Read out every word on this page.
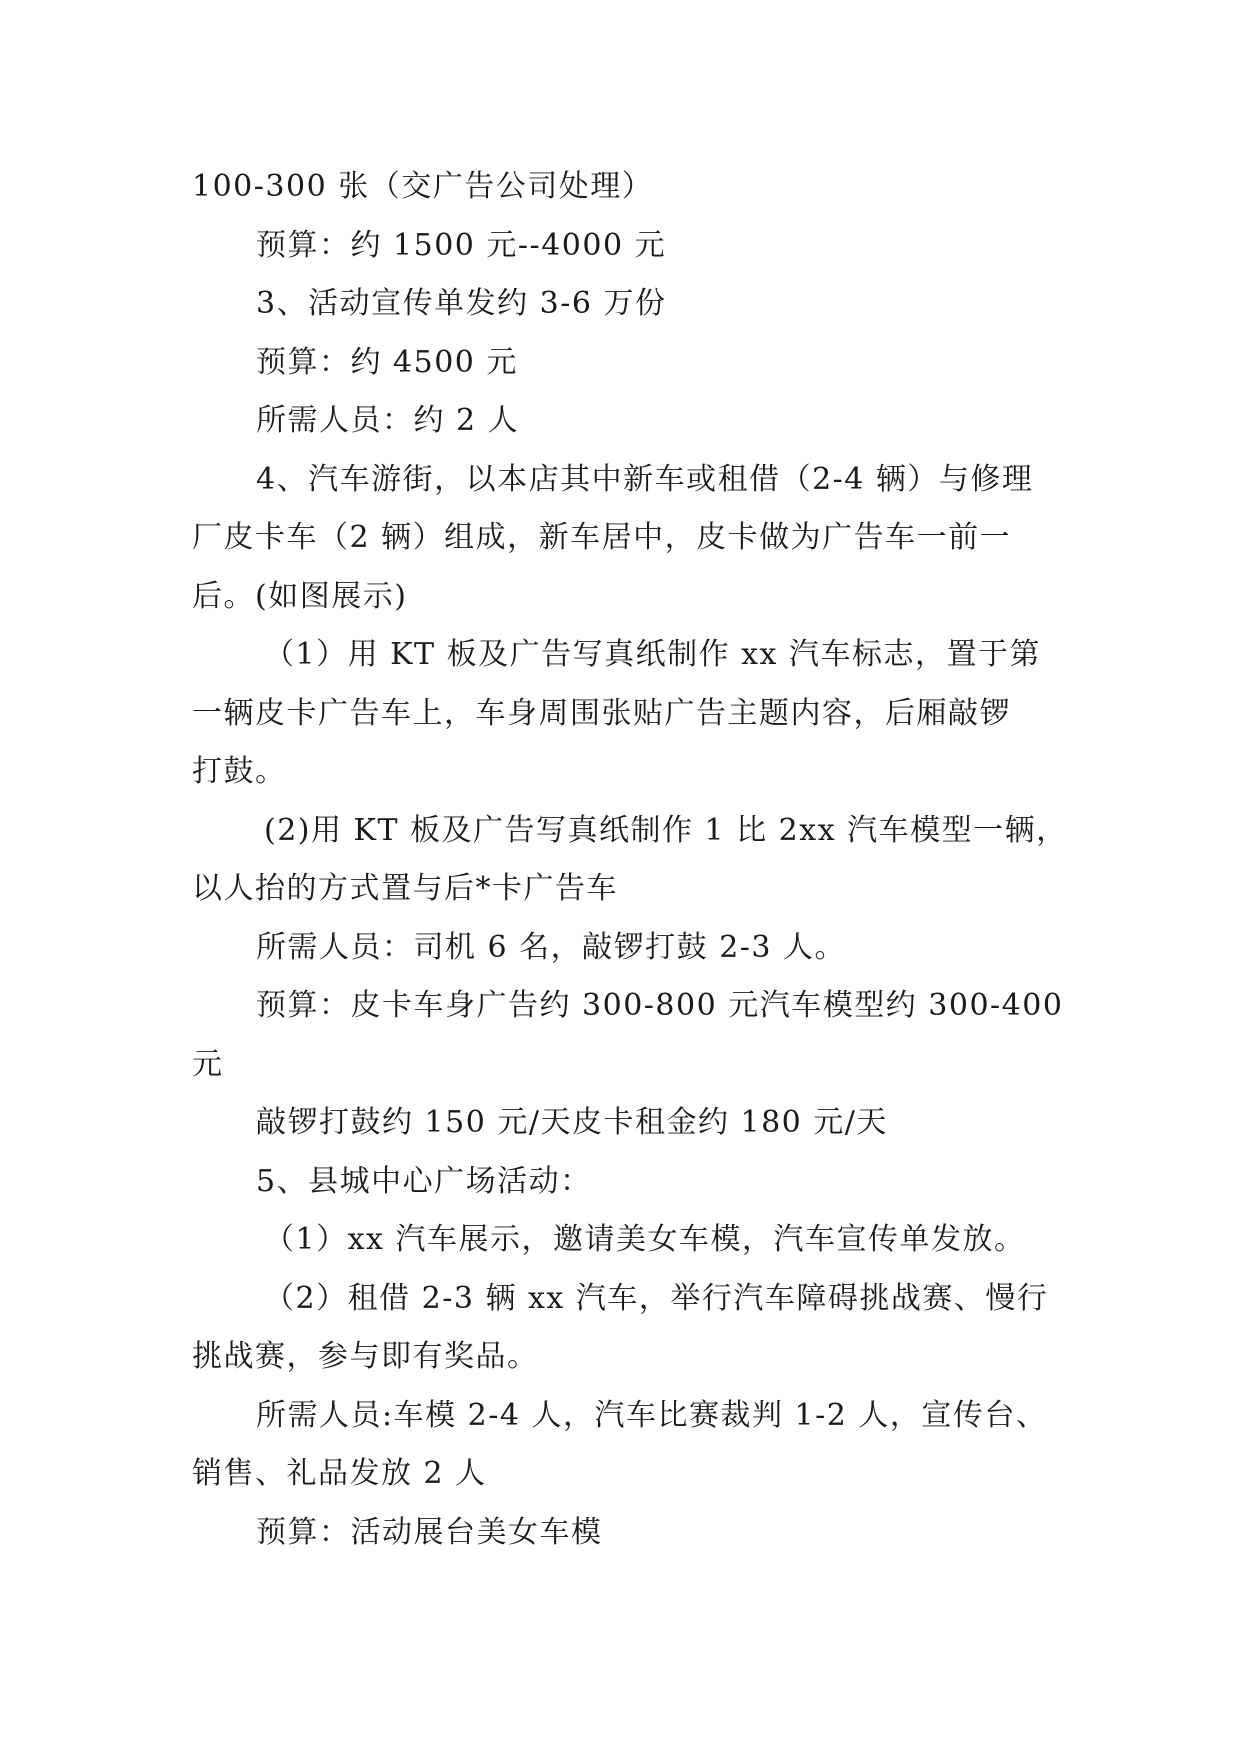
100-300 张（交广告公司处理）
预算：约 1500 元--4000 元
3、活动宣传单发约 3-6 万份
预算：约 4500 元
所需人员：约 2 人
4、汽车游街，以本店其中新车或租借（2-4 辆）与修理
厂皮卡车（2 辆）组成，新车居中，皮卡做为广告车一前一
后。(如图展示)
（1）用 KT 板及广告写真纸制作 xx 汽车标志，置于第
一辆皮卡广告车上，车身周围张贴广告主题内容，后厢敲锣
打鼓。
(2)用 KT 板及广告写真纸制作 1 比 2xx 汽车模型一辆，
以人抬的方式置与后*卡广告车
所需人员：司机 6 名，敲锣打鼓 2-3 人。
预算：皮卡车身广告约 300-800 元汽车模型约 300-400
元
敲锣打鼓约 150 元/天皮卡租金约 180 元/天
5、县城中心广场活动：
（1）xx 汽车展示，邀请美女车模，汽车宣传单发放。
（2）租借 2-3 辆 xx 汽车，举行汽车障碍挑战赛、慢行
挑战赛，参与即有奖品。
所需人员:车模 2-4 人，汽车比赛裁判 1-2 人，宣传台、
销售、礼品发放 2 人
预算：活动展台美女车模
